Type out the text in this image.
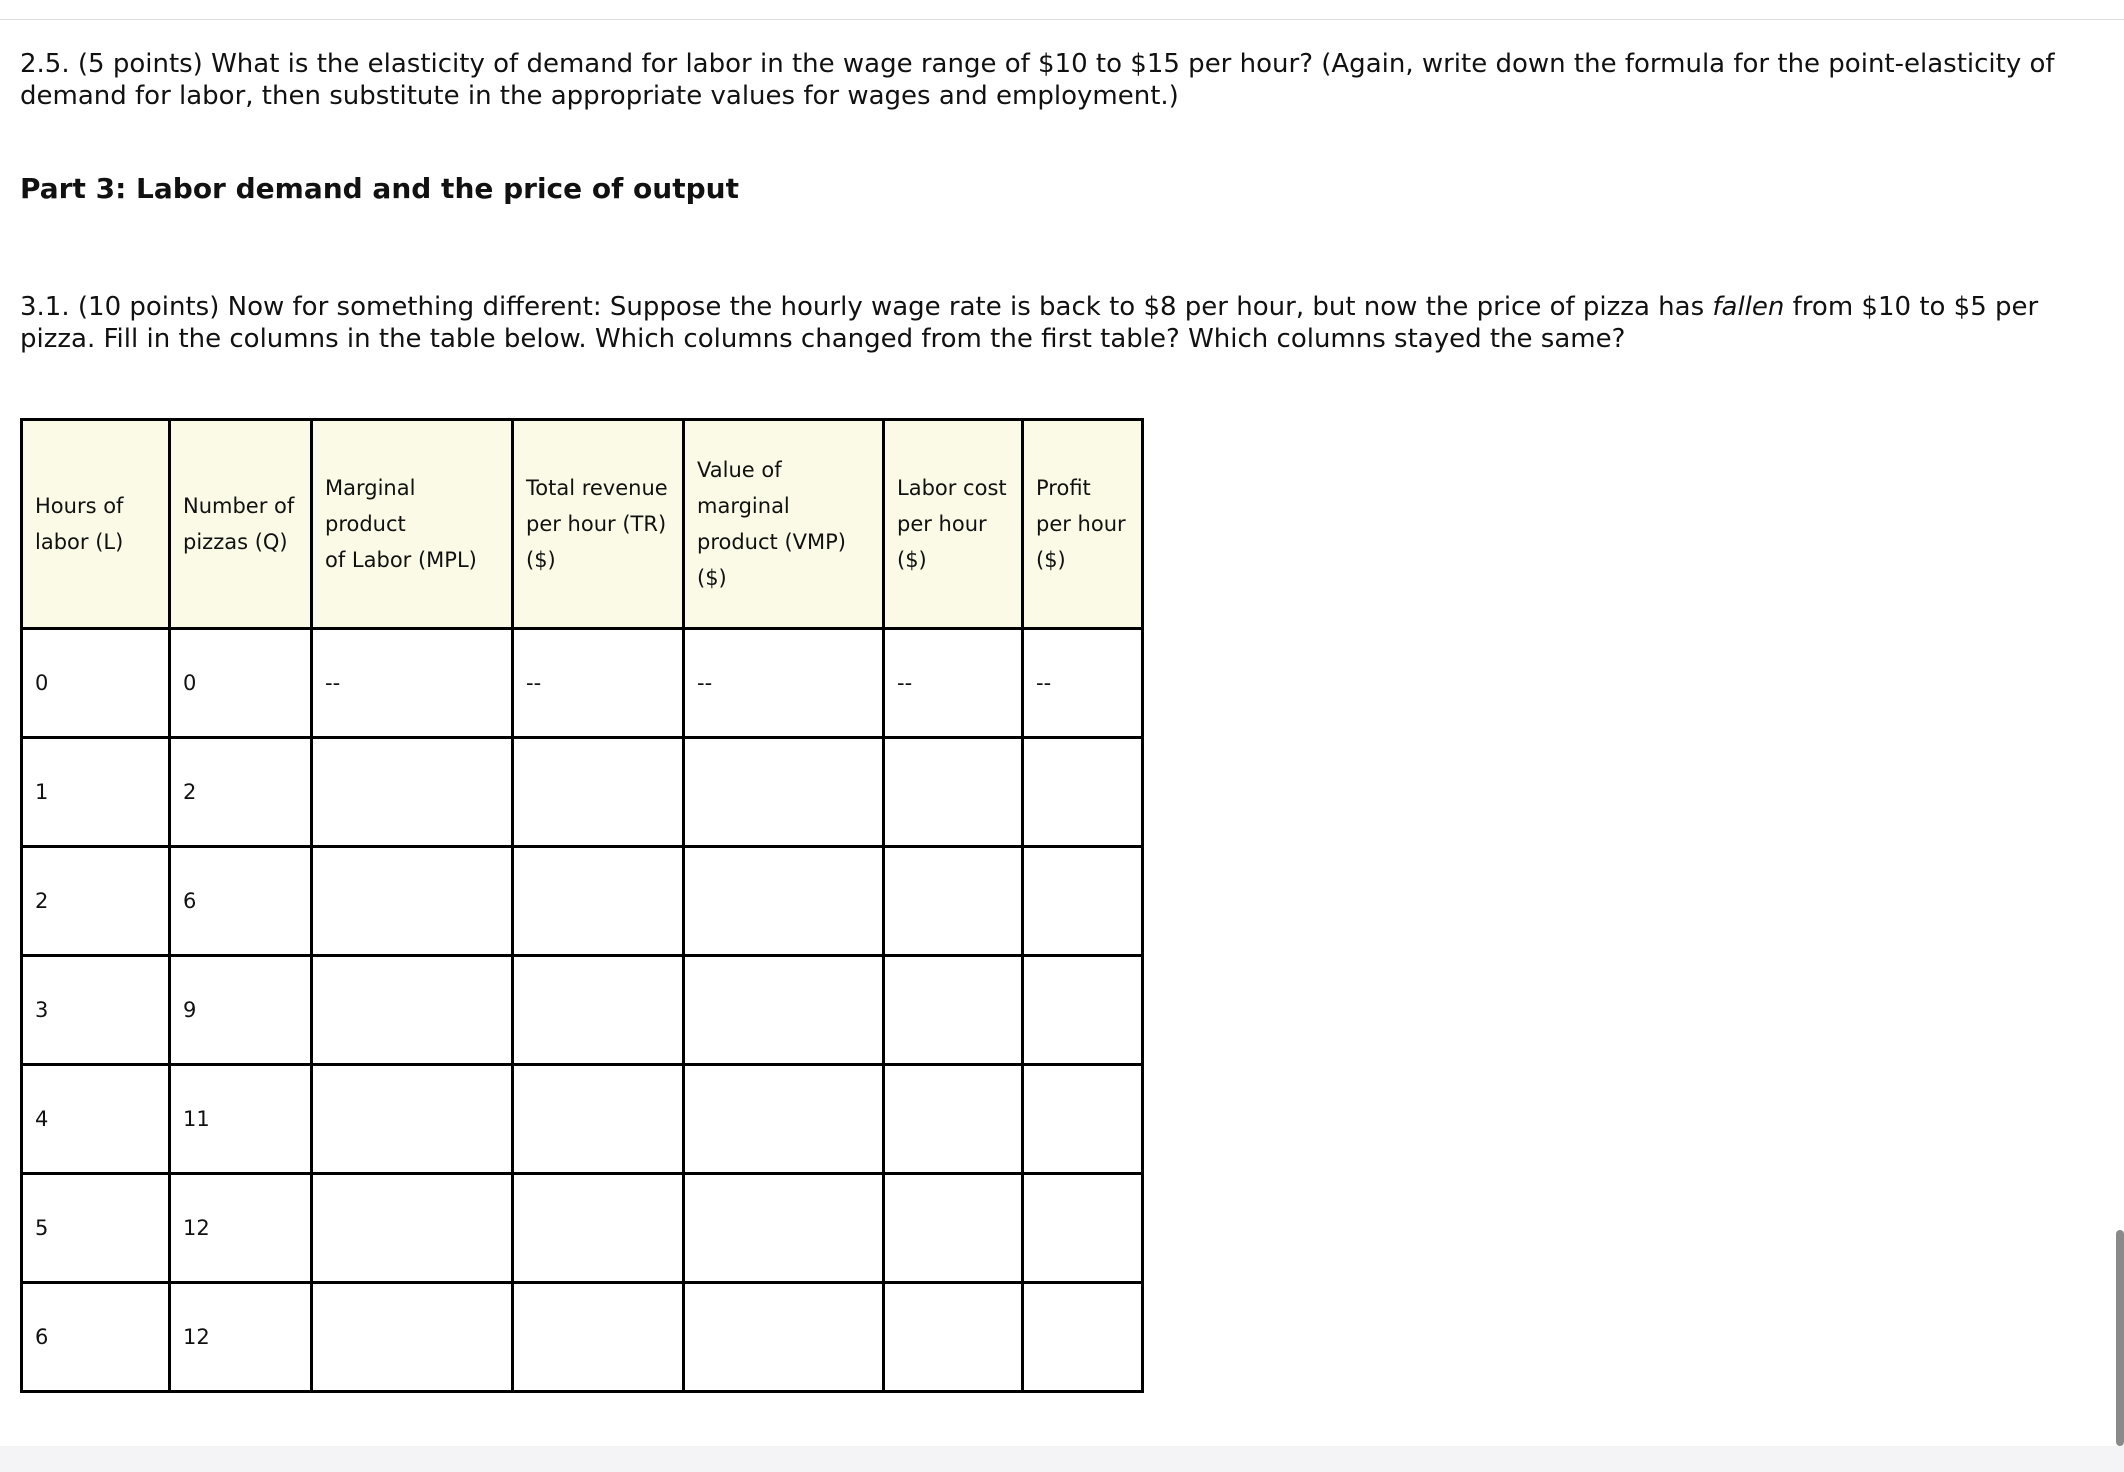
2.5. (5 points) What is the elasticity of demand for labor in the wage range of $10 to $15 per hour? (Again, write down the formula for the point-elasticity of demand for labor, then substitute in the appropriate values for wages and employment.)

Part 3: Labor demand and the price of output

3.1. (10 points) Now for something different: Suppose the hourly wage rate is back to $8 per hour, but now the price of pizza has fallen from $10 to $5 per pizza. Fill in the columns in the table below. Which columns changed from the first table? Which columns stayed the same?

Hours of
labor (L)	Number of
pizzas (Q)	Marginal product
of Labor (MPL)	Total revenue
per hour (TR)
($)	Value of marginal
product (VMP)
($)	Labor cost
per hour
($)	Profit
per hour
($)
0	0	--	--	--	--	--
1	2					
2	6					
3	9					
4	11					
5	12					
6	12					
